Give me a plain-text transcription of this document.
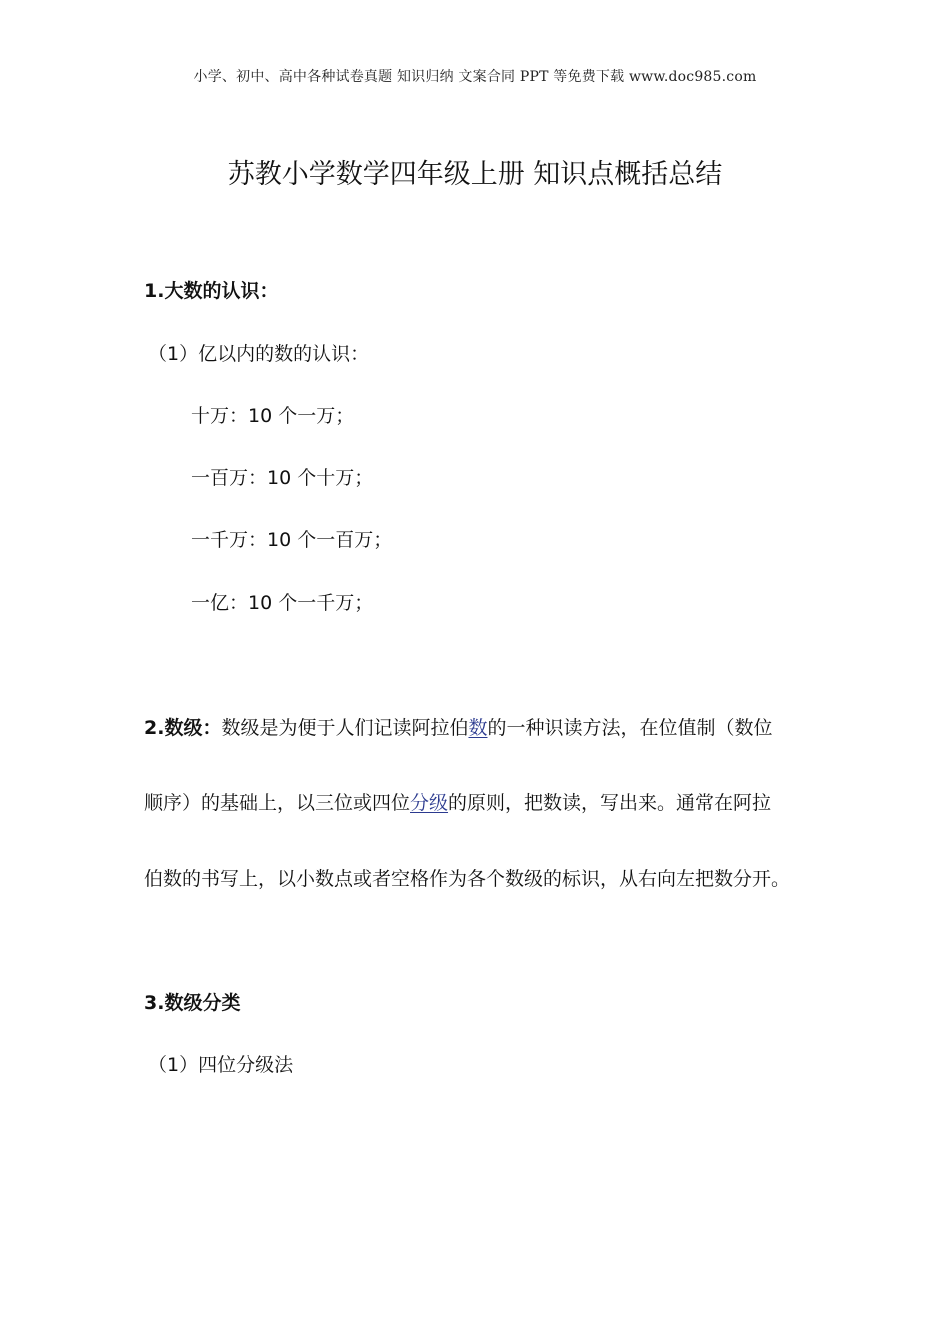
小学、初中、高中各种试卷真题 知识归纳 文案合同 PPT 等免费下载 www.doc985.com
苏教小学数学四年级上册 知识点概括总结
1.大数的认识：
（1）亿以内的数的认识：
十万：10 个一万；
一百万：10 个十万；
一千万：10 个一百万；
一亿：10 个一千万；
2.数级：数级是为便于人们记读阿拉伯数的一种识读方法，在位值制（数位
顺序）的基础上，以三位或四位分级的原则，把数读，写出来。通常在阿拉
伯数的书写上，以小数点或者空格作为各个数级的标识，从右向左把数分开。
3.数级分类
（1）四位分级法
